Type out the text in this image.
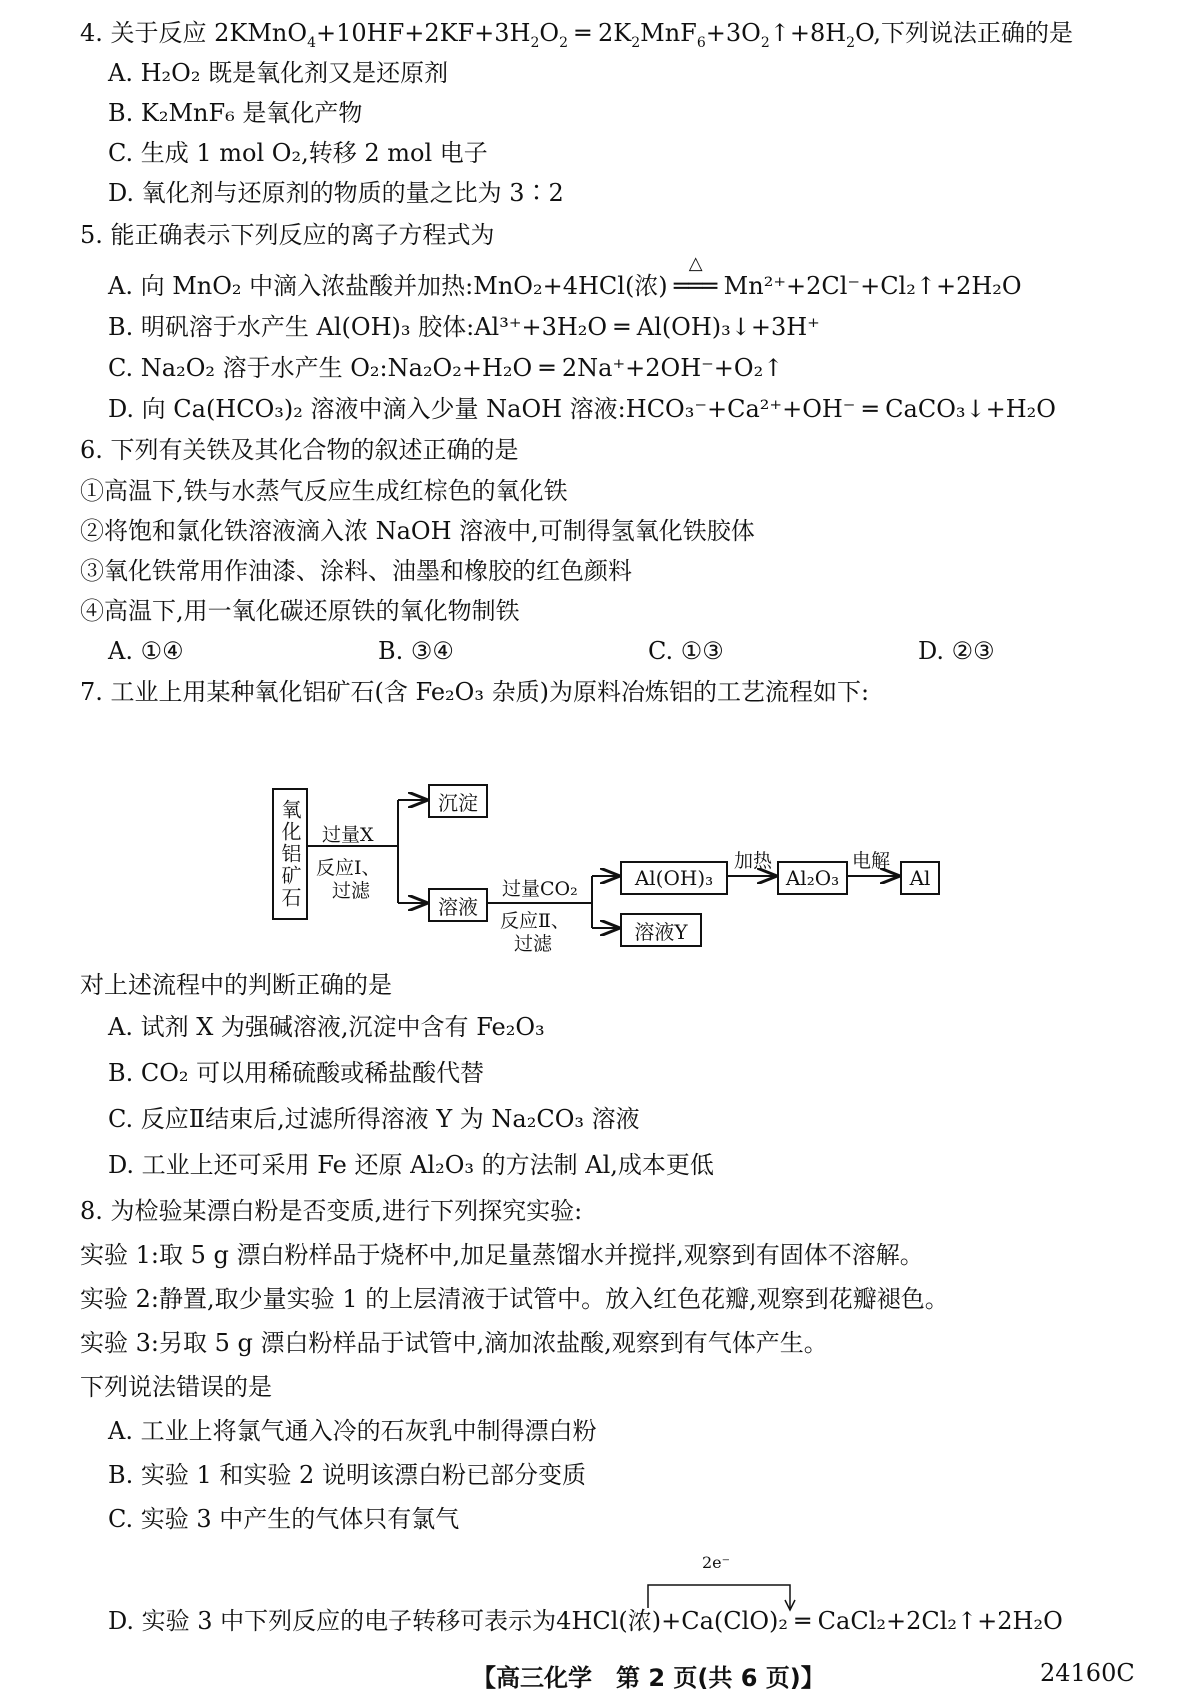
4. 关于反应 $2KMnO_4+10HF+2KF+3H_2O_2$ ═ $2K_2MnF_6+3O_2↑+8H_2O$,下列说法正确的是
A. H₂O₂ 既是氧化剂又是还原剂
B. K₂MnF₆ 是氧化产物
C. 生成 1 mol O₂,转移 2 mol 电子
D. 氧化剂与还原剂的物质的量之比为 3∶2
5. 能正确表示下列反应的离子方程式为
A. 向 MnO₂ 中滴入浓盐酸并加热:MnO₂+4HCl(浓)
△
═══ Mn²⁺+2Cl⁻+Cl₂↑+2H₂O
B. 明矾溶于水产生 Al(OH)₃ 胶体:Al³⁺+3H₂O ═ Al(OH)₃↓+3H⁺
C. Na₂O₂ 溶于水产生 O₂:Na₂O₂+H₂O ═ 2Na⁺+2OH⁻+O₂↑
D. 向 Ca(HCO₃)₂ 溶液中滴入少量 NaOH 溶液:HCO₃⁻+Ca²⁺+OH⁻ ═ CaCO₃↓+H₂O
6. 下列有关铁及其化合物的叙述正确的是
①高温下,铁与水蒸气反应生成红棕色的氧化铁
②将饱和氯化铁溶液滴入浓 NaOH 溶液中,可制得氢氧化铁胶体
③氧化铁常用作油漆、涂料、油墨和橡胶的红色颜料
④高温下,用一氧化碳还原铁的氧化物制铁
A. ①④	B. ③④	C. ①③	D. ②③
7. 工业上用某种氧化铝矿石(含 Fe₂O₃ 杂质)为原料冶炼铝的工艺流程如下:
氧化铝矿石 过量X
反应Ⅰ、
过滤
沉淀
溶液
过量CO₂
反应Ⅱ、
过滤
Al(OH)₃
溶液Y
加热
Al₂O₃
电解
Al
对上述流程中的判断正确的是
A. 试剂 X 为强碱溶液,沉淀中含有 Fe₂O₃
B. CO₂ 可以用稀硫酸或稀盐酸代替
C. 反应Ⅱ结束后,过滤所得溶液 Y 为 Na₂CO₃ 溶液
D. 工业上还可采用 Fe 还原 Al₂O₃ 的方法制 Al,成本更低
8. 为检验某漂白粉是否变质,进行下列探究实验:
实验 1:取 5 g 漂白粉样品于烧杯中,加足量蒸馏水并搅拌,观察到有固体不溶解。
实验 2:静置,取少量实验 1 的上层清液于试管中。放入红色花瓣,观察到花瓣褪色。
实验 3:另取 5 g 漂白粉样品于试管中,滴加浓盐酸,观察到有气体产生。
下列说法错误的是
A. 工业上将氯气通入冷的石灰乳中制得漂白粉
B. 实验 1 和实验 2 说明该漂白粉已部分变质
C. 实验 3 中产生的气体只有氯气
2e⁻
D. 实验 3 中下列反应的电子转移可表示为4HCl(浓)+Ca(ClO)₂ ═ CaCl₂+2Cl₂↑+2H₂O
【高三化学　第 2 页(共 6 页)】	24160C
